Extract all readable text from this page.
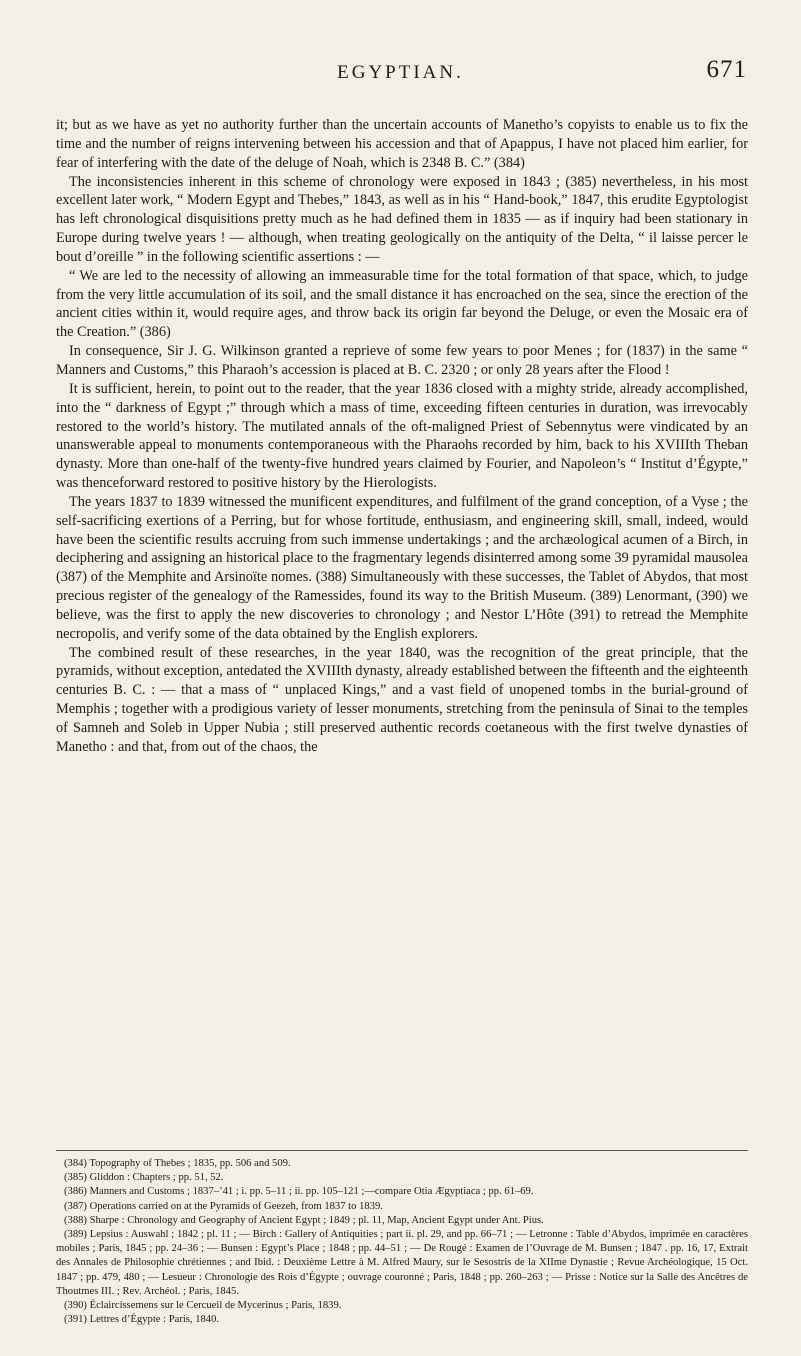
EGYPTIAN.	671

it; but as we have as yet no authority further than the uncertain accounts of Manetho’s copyists to enable us to fix the time and the number of reigns intervening between his accession and that of Apappus, I have not placed him earlier, for fear of interfering with the date of the deluge of Noah, which is 2348 B. C.” (384)

The inconsistencies inherent in this scheme of chronology were exposed in 1843 ; (385) nevertheless, in his most excellent later work, “ Modern Egypt and Thebes,” 1843, as well as in his “ Hand-book,” 1847, this erudite Egyptologist has left chronological disquisitions pretty much as he had defined them in 1835 — as if inquiry had been stationary in Europe during twelve years ! — although, when treating geologically on the antiquity of the Delta, “ il laisse percer le bout d’oreille ” in the following scientific assertions : —

“ We are led to the necessity of allowing an immeasurable time for the total formation of that space, which, to judge from the very little accumulation of its soil, and the small distance it has encroached on the sea, since the erection of the ancient cities within it, would require ages, and throw back its origin far beyond the Deluge, or even the Mosaic era of the Creation.” (386)

In consequence, Sir J. G. Wilkinson granted a reprieve of some few years to poor Menes ; for (1837) in the same “ Manners and Customs,” this Pharaoh’s accession is placed at B. C. 2320 ; or only 28 years after the Flood !

It is sufficient, herein, to point out to the reader, that the year 1836 closed with a mighty stride, already accomplished, into the “ darkness of Egypt ;” through which a mass of time, exceeding fifteen centuries in duration, was irrevocably restored to the world’s history. The mutilated annals of the oft-maligned Priest of Sebennytus were vindicated by an unanswerable appeal to monuments contemporaneous with the Pharaohs recorded by him, back to his XVIIIth Theban dynasty. More than one-half of the twenty-five hundred years claimed by Fourier, and Napoleon’s “ Institut d’Égypte,” was thenceforward restored to positive history by the Hierologists.

The years 1837 to 1839 witnessed the munificent expenditures, and fulfilment of the grand conception, of a Vyse ; the self-sacrificing exertions of a Perring, but for whose fortitude, enthusiasm, and engineering skill, small, indeed, would have been the scientific results accruing from such immense undertakings ; and the archæological acumen of a Birch, in deciphering and assigning an historical place to the fragmentary legends disinterred among some 39 pyramidal mausolea (387) of the Memphite and Arsinoïte nomes. (388) Simultaneously with these successes, the Tablet of Abydos, that most precious register of the genealogy of the Ramessides, found its way to the British Museum. (389) Lenormant, (390) we believe, was the first to apply the new discoveries to chronology ; and Nestor L’Hôte (391) to retread the Memphite necropolis, and verify some of the data obtained by the English explorers.

The combined result of these researches, in the year 1840, was the recognition of the great principle, that the pyramids, without exception, antedated the XVIIIth dynasty, already established between the fifteenth and the eighteenth centuries B. C. : — that a mass of “ unplaced Kings,” and a vast field of unopened tombs in the burial-ground of Memphis ; together with a prodigious variety of lesser monuments, stretching from the peninsula of Sinai to the temples of Samneh and Soleb in Upper Nubia ; still preserved authentic records coetaneous with the first twelve dynasties of Manetho : and that, from out of the chaos, the

(384) Topography of Thebes ; 1835, pp. 506 and 509.

(385) Gliddon : Chapters ; pp. 51, 52.

(386) Manners and Customs ; 1837–’41 ; i. pp. 5–11 ; ii. pp. 105–121 ;—compare Otia Ægyptiaca ; pp. 61–69.

(387) Operations carried on at the Pyramids of Geezeh, from 1837 to 1839.

(388) Sharpe : Chronology and Geography of Ancient Egypt ; 1849 ; pl. 11, Map, Ancient Egypt under Ant. Pius.

(389) Lepsius : Auswahl ; 1842 ; pl. 11 ; — Birch : Gallery of Antiquities ; part ii. pl. 29, and pp. 66–71 ; — Letronne : Table d’Abydos, imprimée en caractères mobiles ; Paris, 1845 ; pp. 24–36 ; — Bunsen : Egypt’s Place ; 1848 ; pp. 44–51 ; — De Rougé : Examen de l’Ouvrage de M. Bunsen ; 1847 . pp. 16, 17, Extrait des Annales de Philosophie chrétiennes ; and Ibid. : Deuxième Lettre à M. Alfred Maury, sur le Sesostris de la XIIme Dynastie ; Revue Archéologique, 15 Oct. 1847 ; pp. 479, 480 ; — Lesueur : Chronologie des Rois d’Égypte ; ouvrage couronné ; Paris, 1848 ; pp. 260–263 ; — Prisse : Notice sur la Salle des Ancêtres de Thoutmes III. ; Rev. Archéol. ; Paris, 1845.

(390) Éclaircissemens sur le Cercueil de Mycerinus ; Paris, 1839.

(391) Lettres d’Égypte : Paris, 1840.
